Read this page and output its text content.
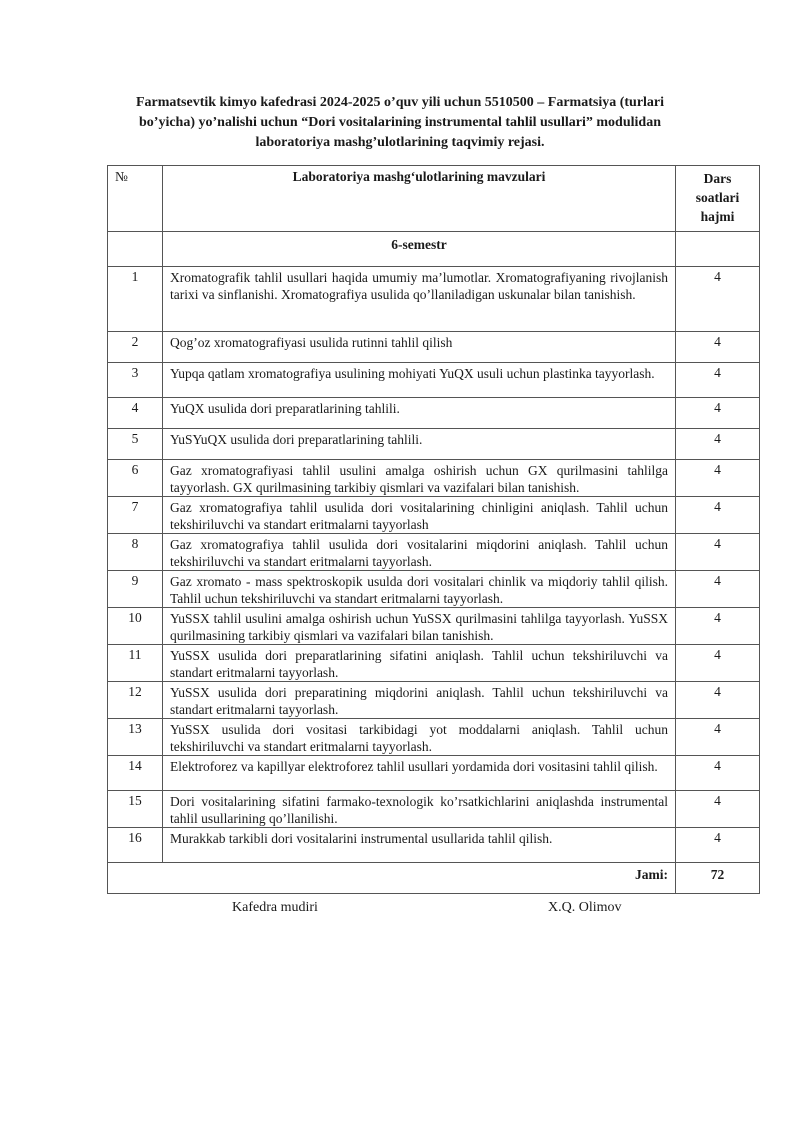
Farmatsevtik kimyo kafedrasi 2024-2025 o’quv yili uchun 5510500 – Farmatsiya (turlari bo’yicha) yo’nalishi uchun “Dori vositalarining instrumental tahlil usullari” modulidan laboratoriya mashg’ulotlarining taqvimiy rejasi.
№	Laboratoriya mashg‘ulotlarining mavzulari	Dars
soatlari
hajmi

	6-semestr	
1	Xromatografik tahlil usullari haqida umumiy ma’lumotlar. Xromatografiyaning rivojlanish tarixi va sinflanishi. Xromatografiya usulida qo’llaniladigan uskunalar bilan tanishish.	4
2	Qog’oz xromatografiyasi usulida rutinni tahlil qilish	4
3	Yupqa qatlam xromatografiya usulining mohiyati YuQX usuli uchun plastinka tayyorlash.	4
4	YuQX usulida dori preparatlarining tahlili.	4
5	YuSYuQX usulida dori preparatlarining tahlili.	4
6	Gaz xromatografiyasi tahlil usulini amalga oshirish uchun GX qurilmasini tahlilga tayyorlash. GX qurilmasining tarkibiy qismlari va vazifalari bilan tanishish.	4
7	Gaz xromatografiya tahlil usulida dori vositalarining chinligini aniqlash. Tahlil uchun tekshiriluvchi va standart eritmalarni tayyorlash	4
8	Gaz xromatografiya tahlil usulida dori vositalarini miqdorini aniqlash. Tahlil uchun tekshiriluvchi va standart eritmalarni tayyorlash.	4
9	Gaz xromato - mass spektroskopik usulda dori vositalari chinlik va miqdoriy tahlil qilish. Tahlil uchun tekshiriluvchi va standart eritmalarni tayyorlash.	4
10	YuSSX tahlil usulini amalga oshirish uchun YuSSX qurilmasini tahlilga tayyorlash. YuSSX qurilmasining tarkibiy qismlari va vazifalari bilan tanishish.	4
11	YuSSX usulida dori preparatlarining sifatini aniqlash. Tahlil uchun tekshiriluvchi va standart eritmalarni tayyorlash.	4
12	YuSSX usulida dori preparatining miqdorini aniqlash. Tahlil uchun tekshiriluvchi va standart eritmalarni tayyorlash.	4
13	YuSSX usulida dori vositasi tarkibidagi yot moddalarni aniqlash. Tahlil uchun tekshiriluvchi va standart eritmalarni tayyorlash.	4
14	Elektroforez va kapillyar elektroforez tahlil usullari yordamida dori vositasini tahlil qilish.	4
15	Dori vositalarining sifatini farmako-texnologik ko’rsatkichlarini aniqlashda instrumental tahlil usullarining qo’llanilishi.	4
16	Murakkab tarkibli dori vositalarini instrumental usullarida tahlil qilish.	4
Jami:		72
Kafedra mudiri	X.Q. Olimov
